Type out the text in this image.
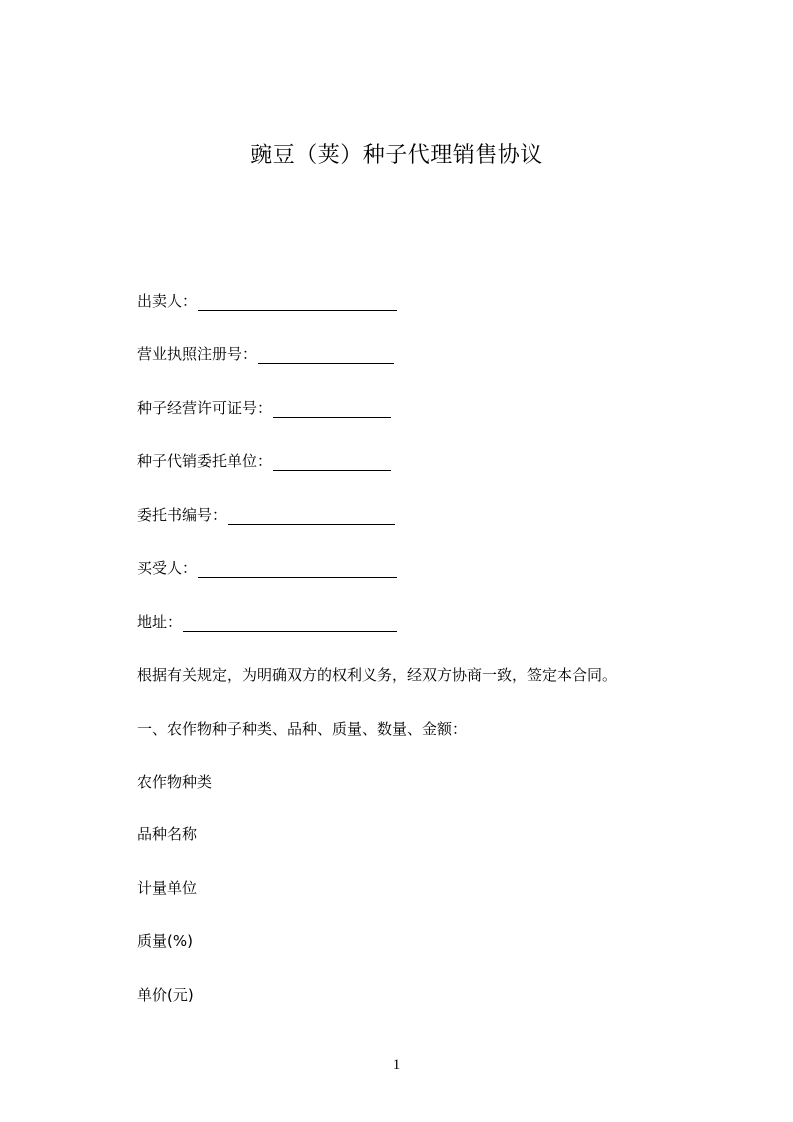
豌豆（荚）种子代理销售协议
出卖人：
营业执照注册号：
种子经营许可证号：
种子代销委托单位：
委托书编号：
买受人：
地址：
根据有关规定，为明确双方的权利义务，经双方协商一致，签定本合同。
一、农作物种子种类、品种、质量、数量、金额：
农作物种类
品种名称
计量单位
质量(%)
单价(元)
1
